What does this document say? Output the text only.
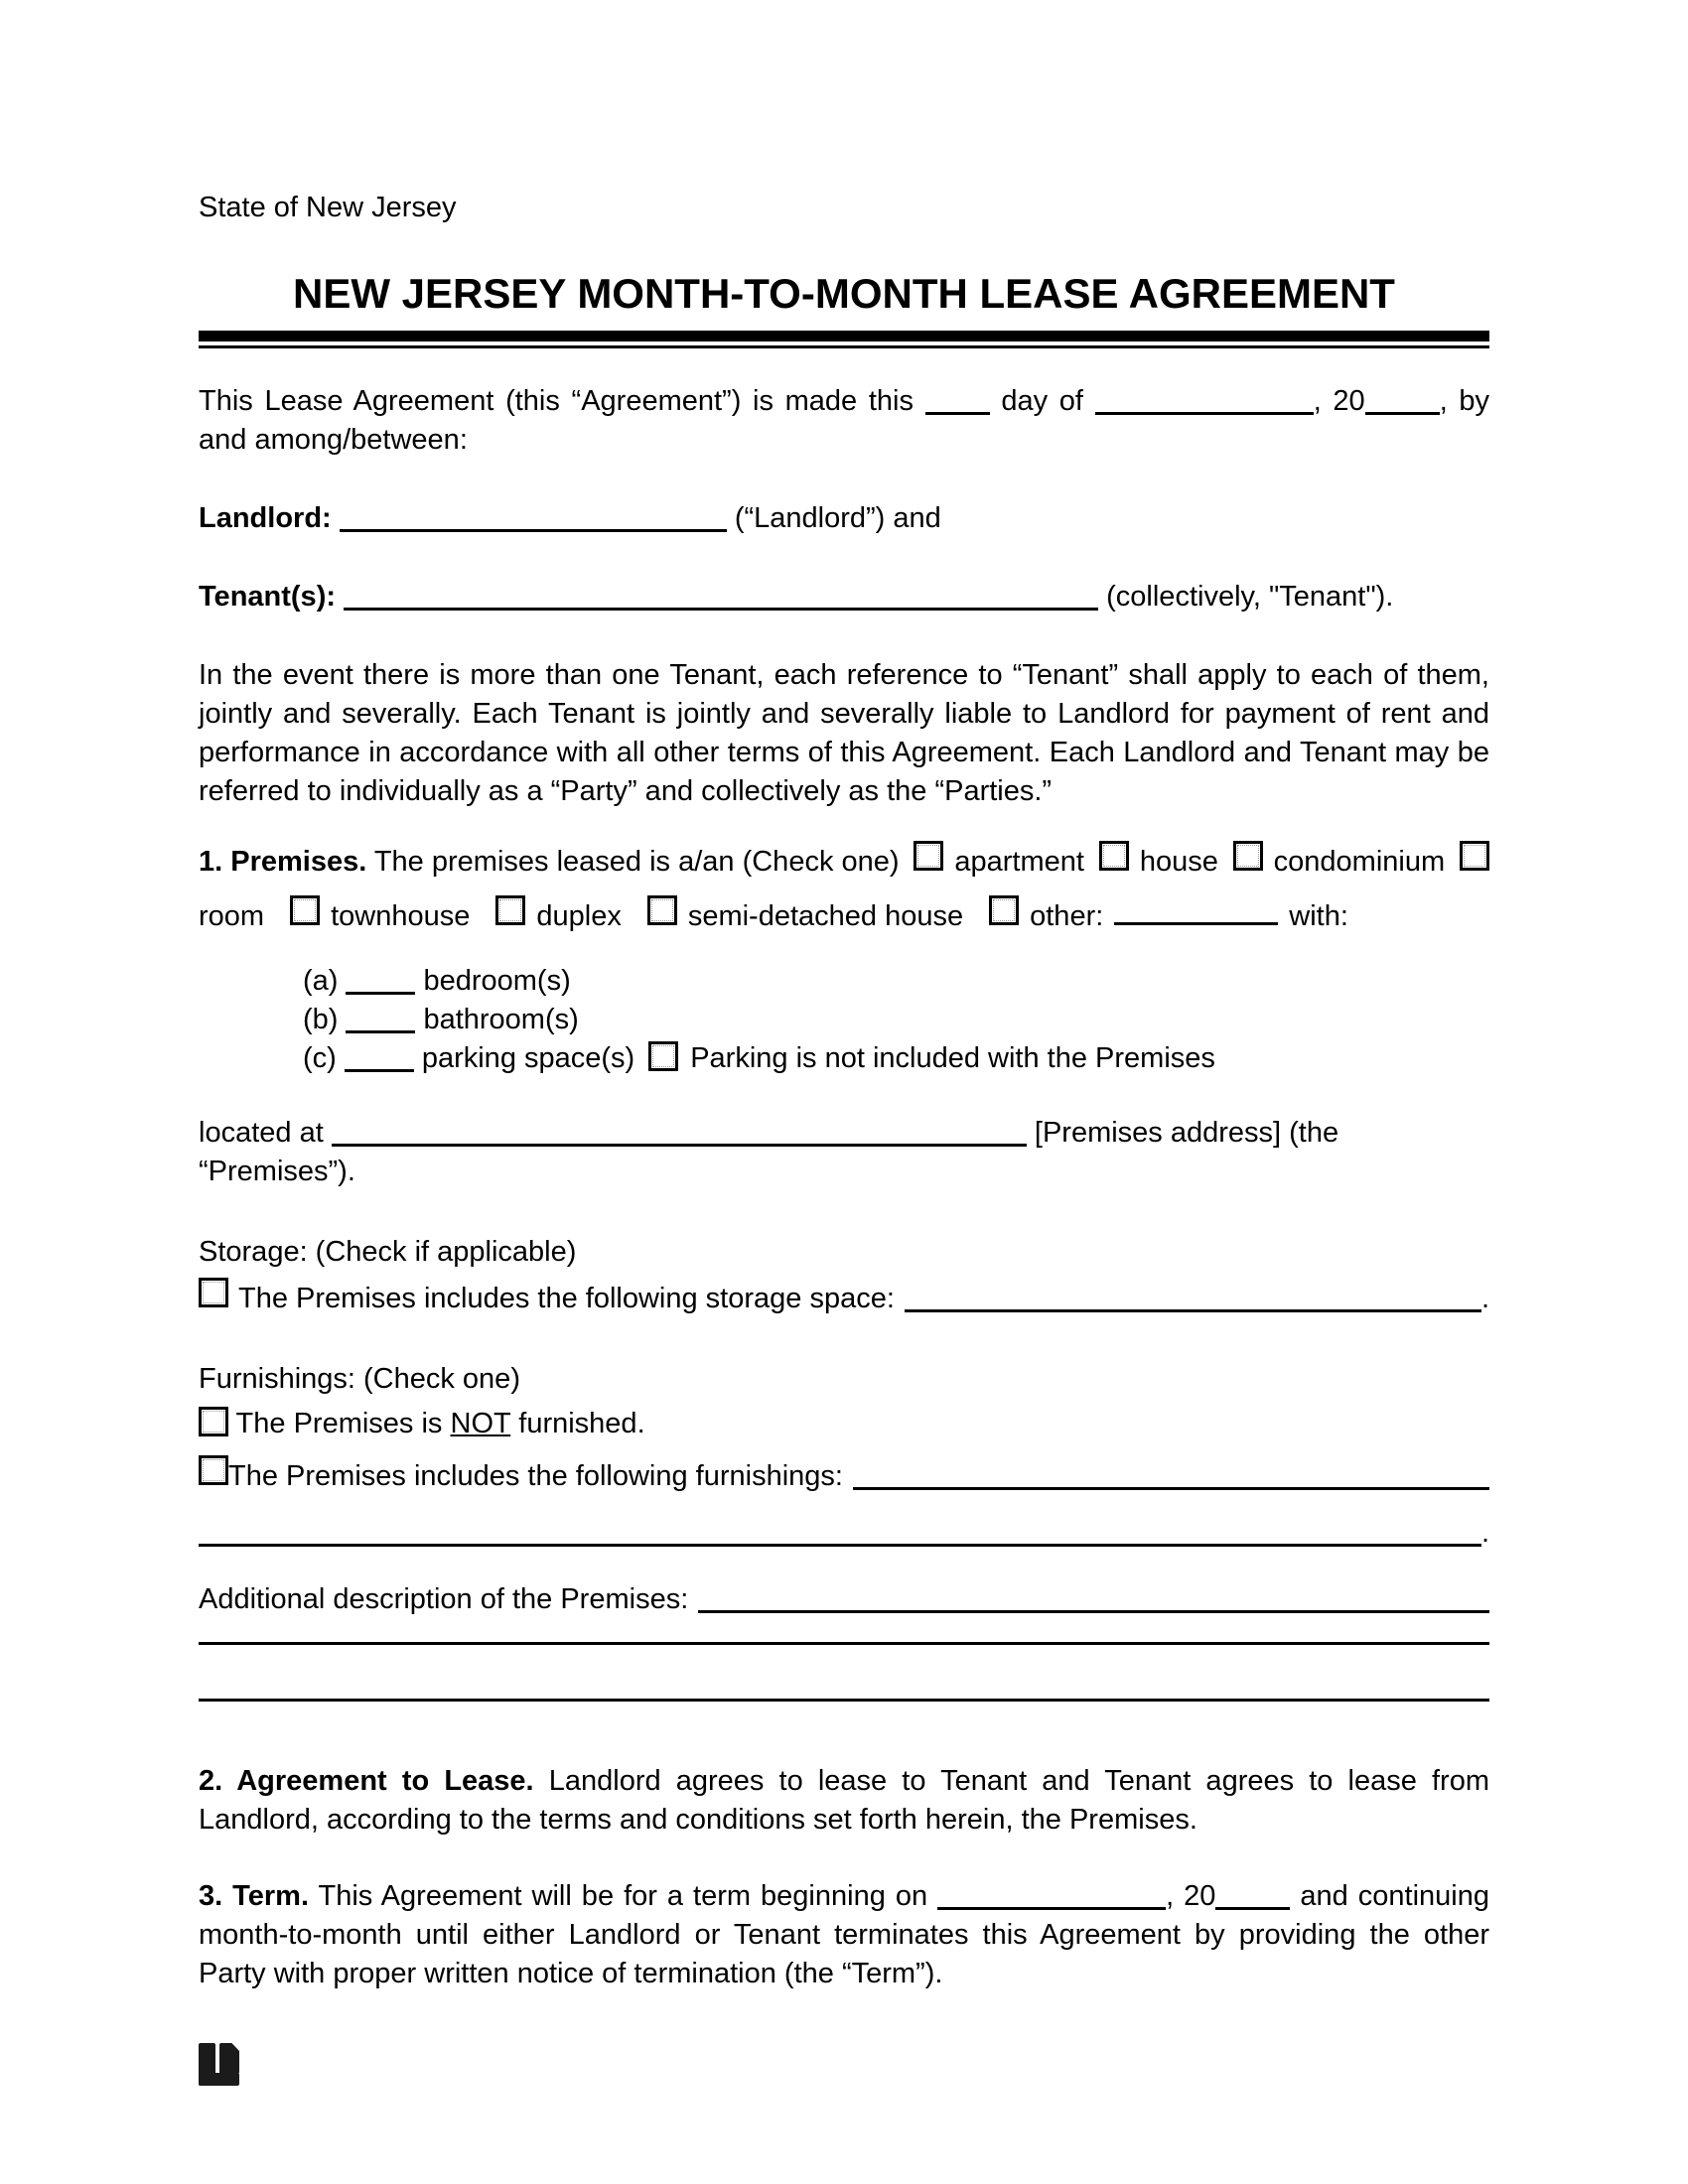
State of New Jersey
NEW JERSEY MONTH-TO-MONTH LEASE AGREEMENT

This Lease Agreement (this “Agreement”) is made this	day of	, 20	, by and among/between:

Landlord:	(“Landlord”) and
Tenant(s):	(collectively, "Tenant").

In the event there is more than one Tenant, each reference to “Tenant” shall apply to each of them, jointly and severally. Each Tenant is jointly and severally liable to Landlord for payment of rent and performance in accordance with all other terms of this Agreement. Each Landlord and Tenant may be referred to individually as a “Party” and collectively as the “Parties.”

1. Premises. The premises leased is a/an (Check one) apartment house condominium
room townhouse duplex semi-detached house other:	with:
(a)	bedroom(s)
(b)	bathroom(s)
(c)	parking space(s) Parking is not included with the Premises
located at	[Premises address] (the “Premises”).
Storage: (Check if applicable)
The Premises includes the following storage space:	.
Furnishings: (Check one)
The Premises is NOT furnished.
The Premises includes the following furnishings:
.
Additional description of the Premises:

2. Agreement to Lease. Landlord agrees to lease to Tenant and Tenant agrees to lease from Landlord, according to the terms and conditions set forth herein, the Premises.

3. Term. This Agreement will be for a term beginning on	, 20	and continuing month-to-month until either Landlord or Tenant terminates this Agreement by providing the other Party with proper written notice of termination (the “Term”).
